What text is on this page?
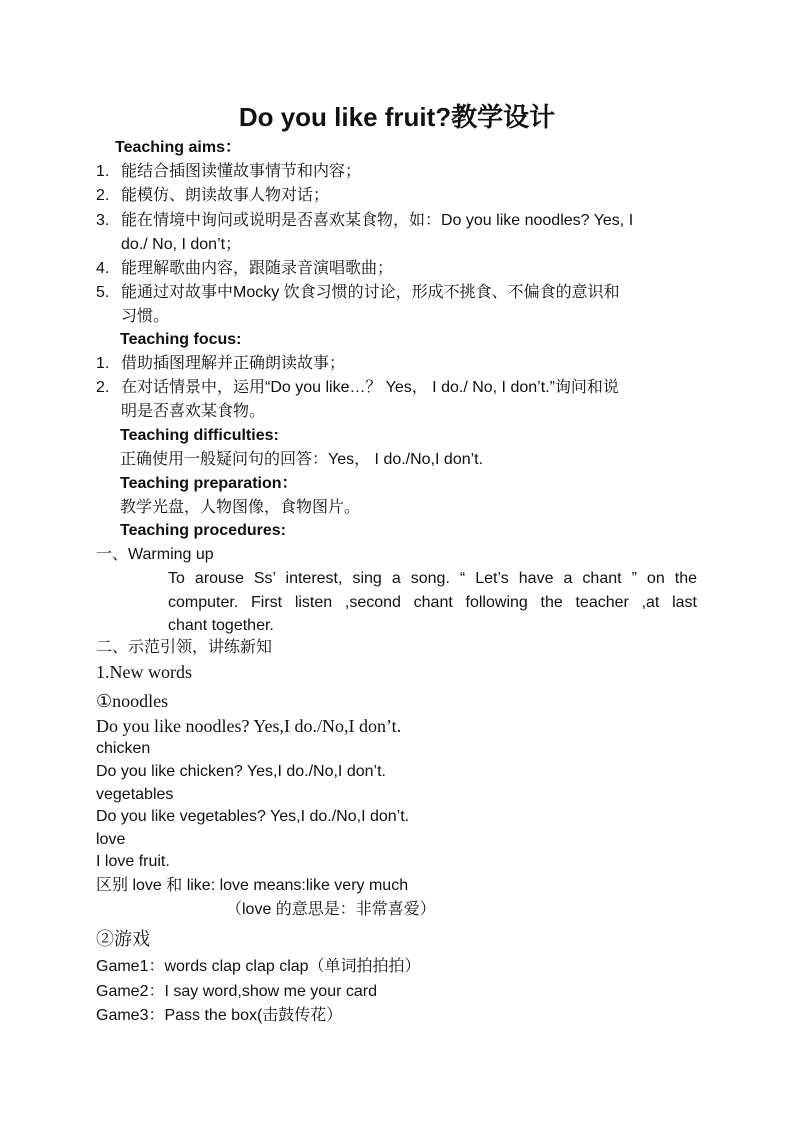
Do you like fruit?教学设计
Teaching aims：
1. 能结合插图读懂故事情节和内容；
2. 能模仿、朗读故事人物对话；
3. 能在情境中询问或说明是否喜欢某食物，如：Do you like noodles? Yes, I
do./ No, I don’t；
4. 能理解歌曲内容，跟随录音演唱歌曲；
5. 能通过对故事中Mocky 饮食习惯的讨论，形成不挑食、不偏食的意识和
习惯。
Teaching focus:
1. 借助插图理解并正确朗读故事；
2. 在对话情景中，运用“Do you like…？ Yes， I do./ No, I don’t.”询问和说
明是否喜欢某食物。
Teaching difficulties:
正确使用一般疑问句的回答：Yes， I do./No,I don’t.
Teaching preparation：
教学光盘，人物图像，食物图片。
Teaching procedures:
一、Warming up
To arouse Ss’ interest, sing a song. “ Let’s have a chant ” on the
computer. First listen ,second chant following the teacher ,at last
chant together.
二、示范引领，讲练新知
1.New words
①noodles
Do you like noodles? Yes,I do./No,I don’t.
chicken
Do you like chicken? Yes,I do./No,I don’t.
vegetables
Do you like vegetables? Yes,I do./No,I don’t.
love
I love fruit.
区别 love 和 like: love means:like very much
（love 的意思是：非常喜爱）
②游戏
Game1：words clap clap clap（单词拍拍拍）
Game2：I say word,show me your card
Game3：Pass the box(击鼓传花）
